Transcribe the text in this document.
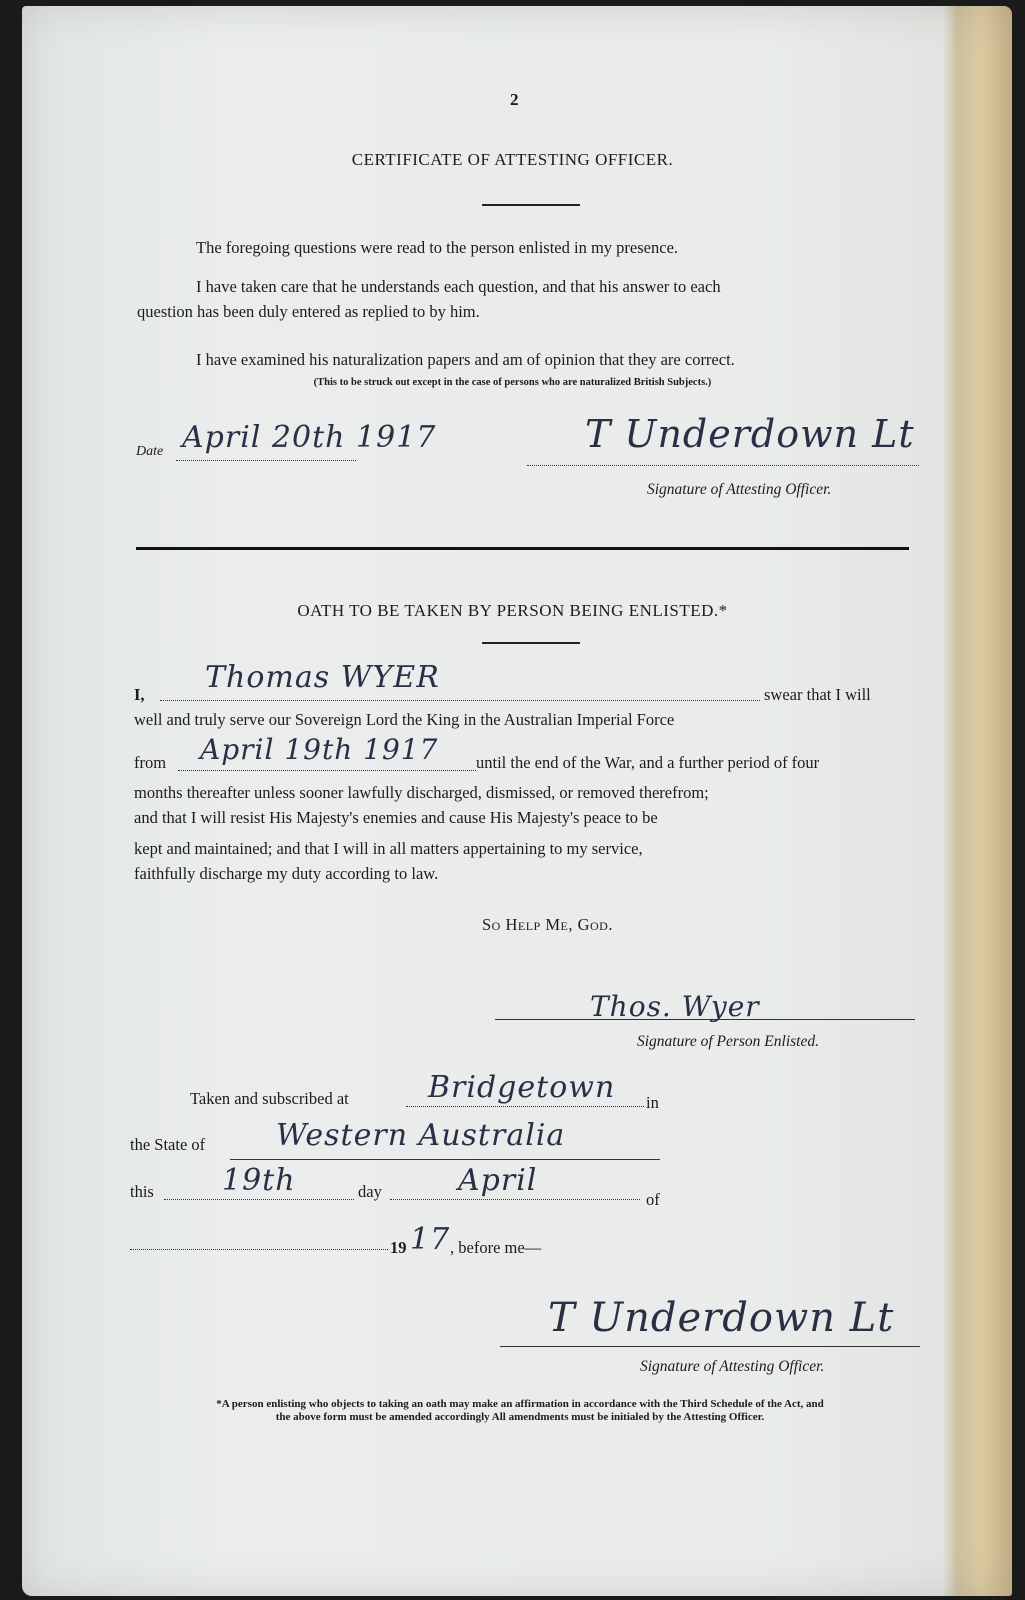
2
CERTIFICATE OF ATTESTING OFFICER.
The foregoing questions were read to the person enlisted in my presence.
I have taken care that he understands each question, and that his answer to each
question has been duly entered as replied to by him.
I have examined his naturalization papers and am of opinion that they are correct.
(This to be struck out except in the case of persons who are naturalized British Subjects.)
Date April 20th 1917	T Underdown Lt
Signature of Attesting Officer.
OATH TO BE TAKEN BY PERSON BEING ENLISTED.*
I, Thomas WYER	swear that I will
well and truly serve our Sovereign Lord the King in the Australian Imperial Force
from April 19th 1917 until the end of the War, and a further period of four
months thereafter unless sooner lawfully discharged, dismissed, or removed therefrom;
and that I will resist His Majesty's enemies and cause His Majesty's peace to be
kept and maintained; and that I will in all matters appertaining to my service,
faithfully discharge my duty according to law.
So Help Me, God.
Thos. Wyer
Signature of Person Enlisted.
Taken and subscribed at	Bridgetown in
the State of Western Australia
this 19th	day	April
of
19 17 , before me—
T Underdown Lt
Signature of Attesting Officer.
*A person enlisting who objects to taking an oath may make an affirmation in accordance with the Third Schedule of the Act, and
the above form must be amended accordingly All amendments must be initialed by the Attesting Officer.
